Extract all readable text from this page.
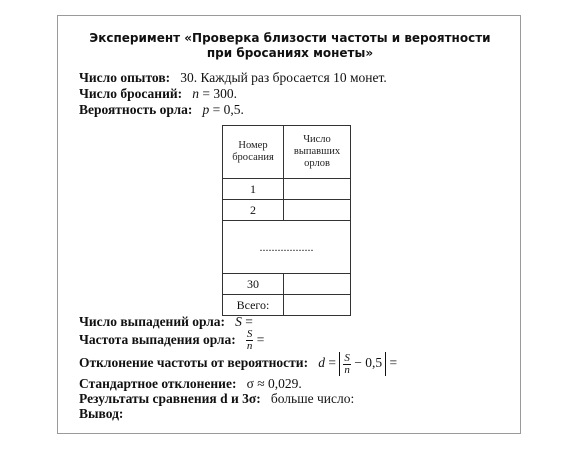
Эксперимент «Проверка близости частоты и вероятности
при бросаниях монеты»
Число опытов: 30. Каждый раз бросается 10 монет.
Число бросаний: n = 300.
Вероятность орла: p = 0,5.
Номер бросания	Число выпавших орлов
1	
2	
..................	
30	
Всего:	
Число выпадений орла: S =
Частота выпадения орла: $\frac{S}{n}$ =
Отклонение частоты от вероятности: $d = \frac{S}{n} - 0,5$ =
Стандартное отклонение: σ ≈ 0,029.
Результаты сравнения d и 3σ: больше число:
Вывод:
